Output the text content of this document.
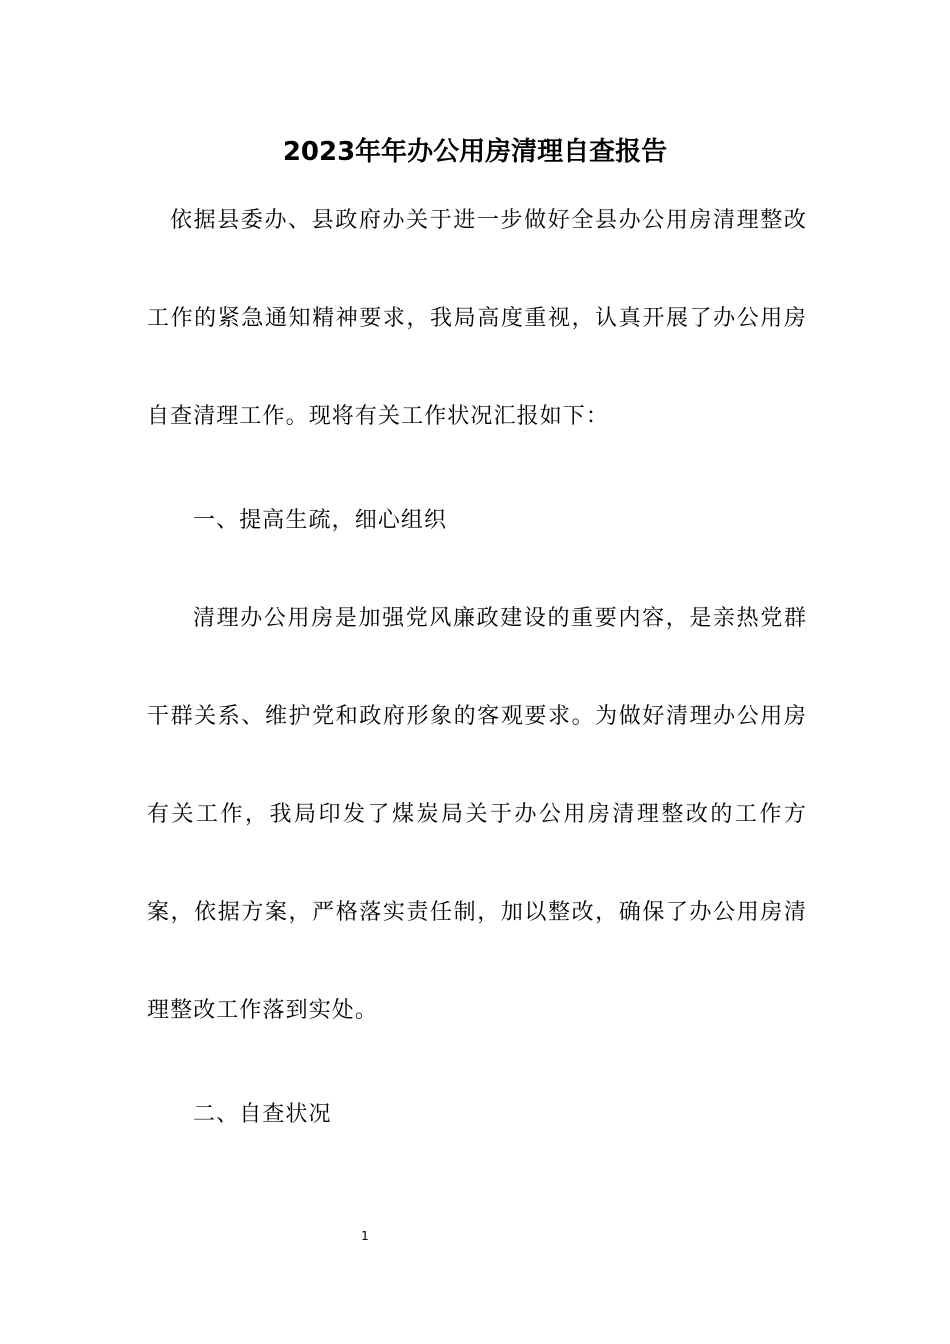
2023年年办公用房清理自查报告
依据县委办、县政府办关于进一步做好全县办公用房清理整改工作的紧急通知精神要求，我局高度重视，认真开展了办公用房自查清理工作。现将有关工作状况汇报如下：
一、提高生疏，细心组织
清理办公用房是加强党风廉政建设的重要内容，是亲热党群干群关系、维护党和政府形象的客观要求。为做好清理办公用房有关工作，我局印发了煤炭局关于办公用房清理整改的工作方案，依据方案，严格落实责任制，加以整改，确保了办公用房清理整改工作落到实处。
二、自查状况
1
